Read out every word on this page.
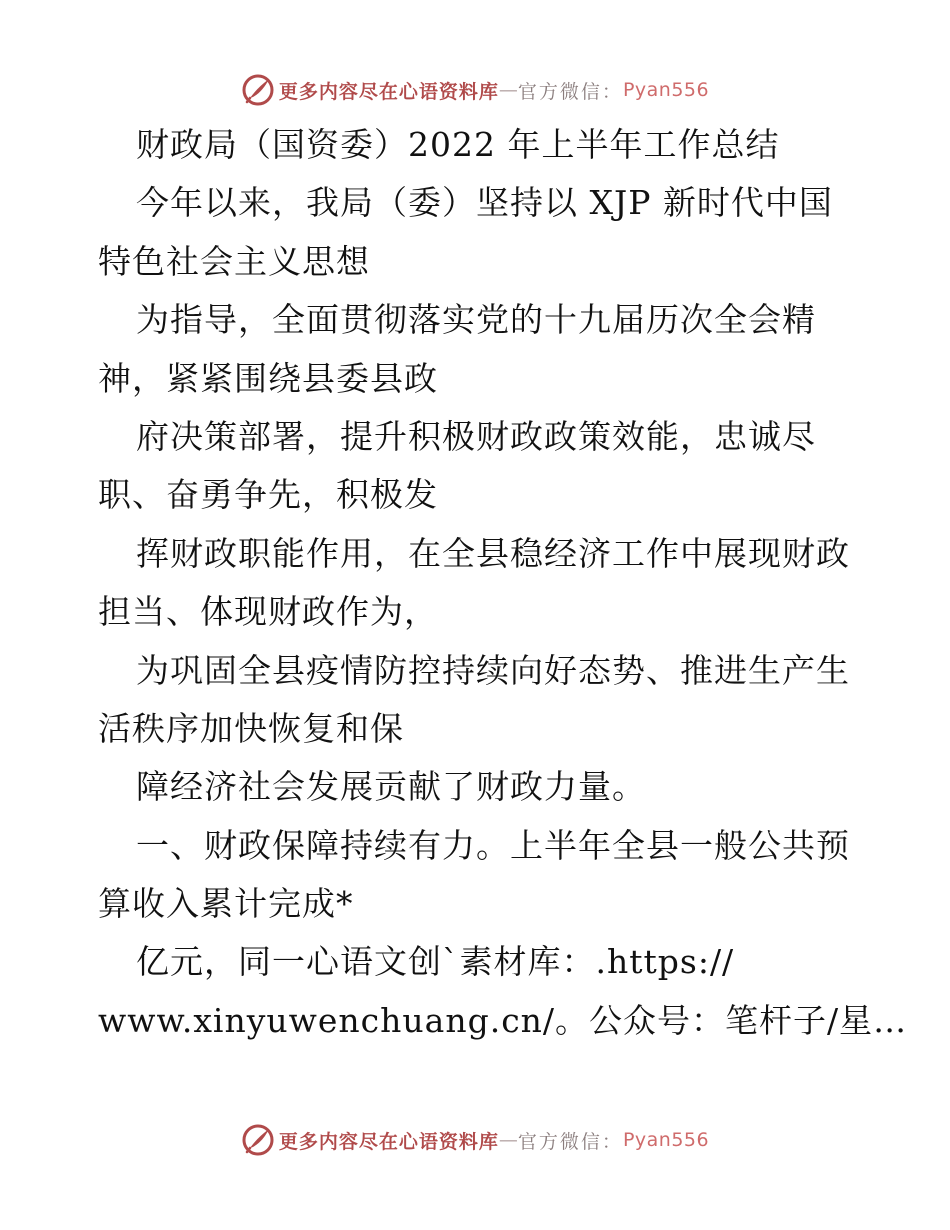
更多内容尽在心语资料库 — 官方微信： Pyan556
财政局（国资委）2022 年上半年工作总结
今年以来，我局（委）坚持以 XJP 新时代中国
特色社会主义思想
为指导，全面贯彻落实党的十九届历次全会精
神，紧紧围绕县委县政
府决策部署，提升积极财政政策效能，忠诚尽
职、奋勇争先，积极发
挥财政职能作用，在全县稳经济工作中展现财政
担当、体现财政作为，
为巩固全县疫情防控持续向好态势、推进生产生
活秩序加快恢复和保
障经济社会发展贡献了财政力量。
一、财政保障持续有力。上半年全县一般公共预
算收入累计完成*
亿元，同一心语文创`素材库：.https://
www.xinyuwenchuang.cn/。公众号：笔杆子/星…
更多内容尽在心语资料库 — 官方微信： Pyan556
